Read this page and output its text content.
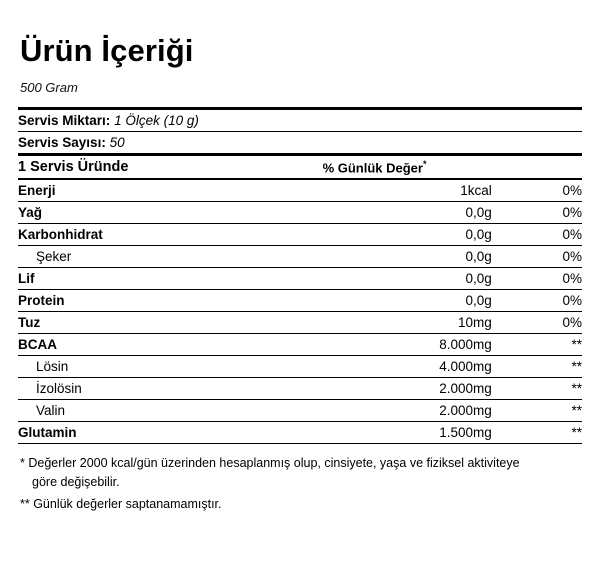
Ürün İçeriği
500 Gram
Servis Miktarı: 1 Ölçek (10 g)
Servis Sayısı: 50
1 Servis Üründe	% Günlük Değer*
Enerji	1kcal	0%
Yağ	0,0g	0%
Karbonhidrat	0,0g	0%
Şeker	0,0g	0%
Lif	0,0g	0%
Protein	0,0g	0%
Tuz	10mg	0%
BCAA	8.000mg	**
Lösin	4.000mg	**
İzolösin	2.000mg	**
Valin	2.000mg	**
Glutamin	1.500mg	**

* Değerler 2000 kcal/gün üzerinden hesaplanmış olup, cinsiyete, yaşa ve fiziksel aktiviteye
göre değişebilir.

** Günlük değerler saptanamamıştır.
